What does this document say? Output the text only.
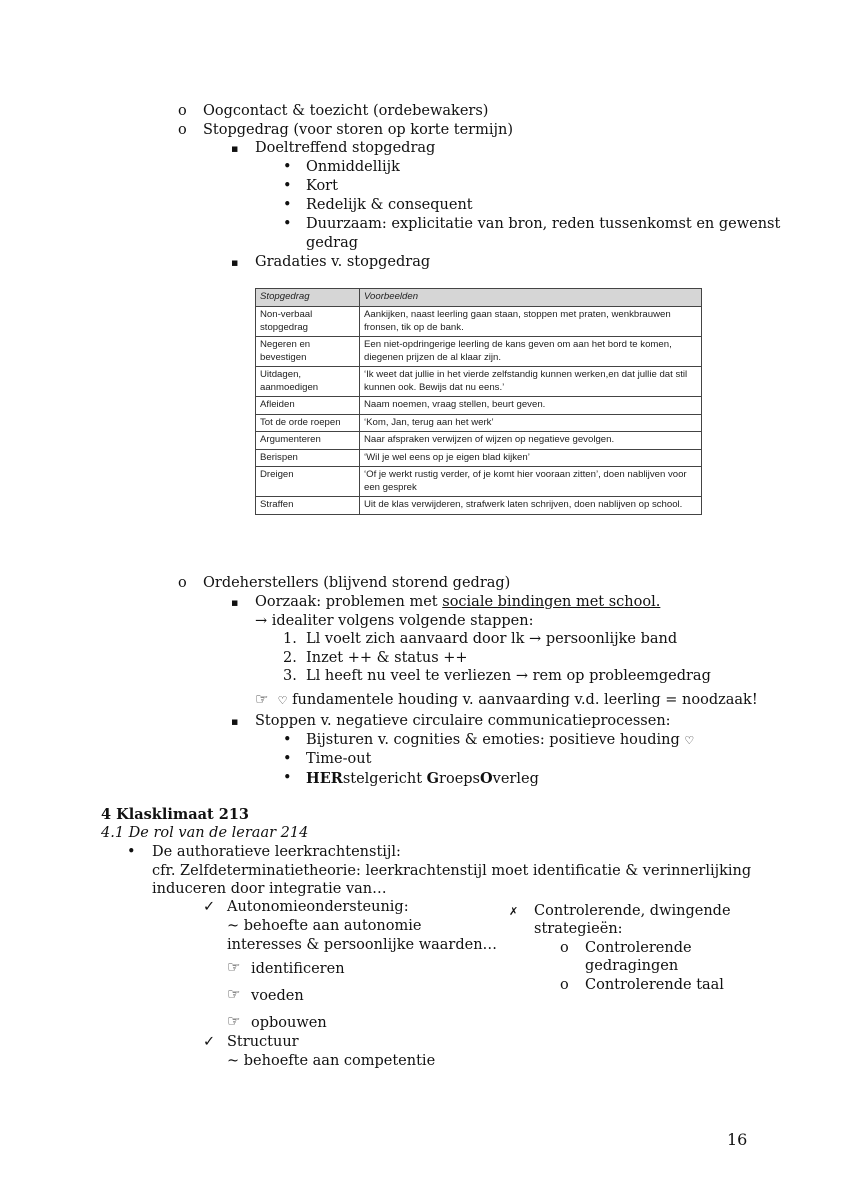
o Oogcontact & toezicht (ordebewakers)
o Stopgedrag (voor storen op korte termijn)
▪ Doeltreffend stopgedrag
• Onmiddellijk
• Kort
• Redelijk & consequent
• Duurzaam: explicitatie van bron, reden tussenkomst en gewenst
gedrag
▪ Gradaties v. stopgedrag
Stopgedrag	Voorbeelden
Non-verbaal stopgedrag	Aankijken, naast leerling gaan staan, stoppen met praten, wenkbrauwen fronsen, tik op de bank.
Negeren en bevestigen	Een niet-opdringerige leerling de kans geven om aan het bord te komen, diegenen prijzen de al klaar zijn.
Uitdagen, aanmoedigen	‘Ik weet dat jullie in het vierde zelfstandig kunnen werken,en dat jullie dat stil kunnen ook. Bewijs dat nu eens.’
Afleiden	Naam noemen, vraag stellen, beurt geven.
Tot de orde roepen	‘Kom, Jan, terug aan het werk’
Argumenteren	Naar afspraken verwijzen of wijzen op negatieve gevolgen.
Berispen	‘Wil je wel eens op je eigen blad kijken’
Dreigen	‘Of je werkt rustig verder, of je komt hier vooraan zitten’, doen nablijven voor een gesprek
Straffen	Uit de klas verwijderen, strafwerk laten schrijven, doen nablijven op school.
o Ordeherstellers (blijvend storend gedrag)
▪ Oorzaak: problemen met sociale bindingen met school.
→ idealiter volgens volgende stappen:
1. Ll voelt zich aanvaard door lk → persoonlijke band
2. Inzet ++ & status ++
3. Ll heeft nu veel te verliezen → rem op probleemgedrag
☞ ♡ fundamentele houding v. aanvaarding v.d. leerling = noodzaak!
▪ Stoppen v. negatieve circulaire communicatieprocessen:
• Bijsturen v. cognities & emoties: positieve houding ♡
• Time-out
• HERstelgericht GroepsOverleg
4 Klasklimaat 213
4.1 De rol van de leraar 214
• De authoratieve leerkrachtenstijl:
cfr. Zelfdeterminatietheorie: leerkrachtenstijl moet identificatie & verinnerlijking
induceren door integratie van…
✓ Autonomieondersteunig:
~ behoefte aan autonomie
interesses & persoonlijke waarden…
☞ identificeren
☞ voeden
☞ opbouwen
✓ Structuur
~ behoefte aan competentie
✗ Controlerende, dwingende
strategieën:
o Controlerende
gedragingen
o Controlerende taal
16
